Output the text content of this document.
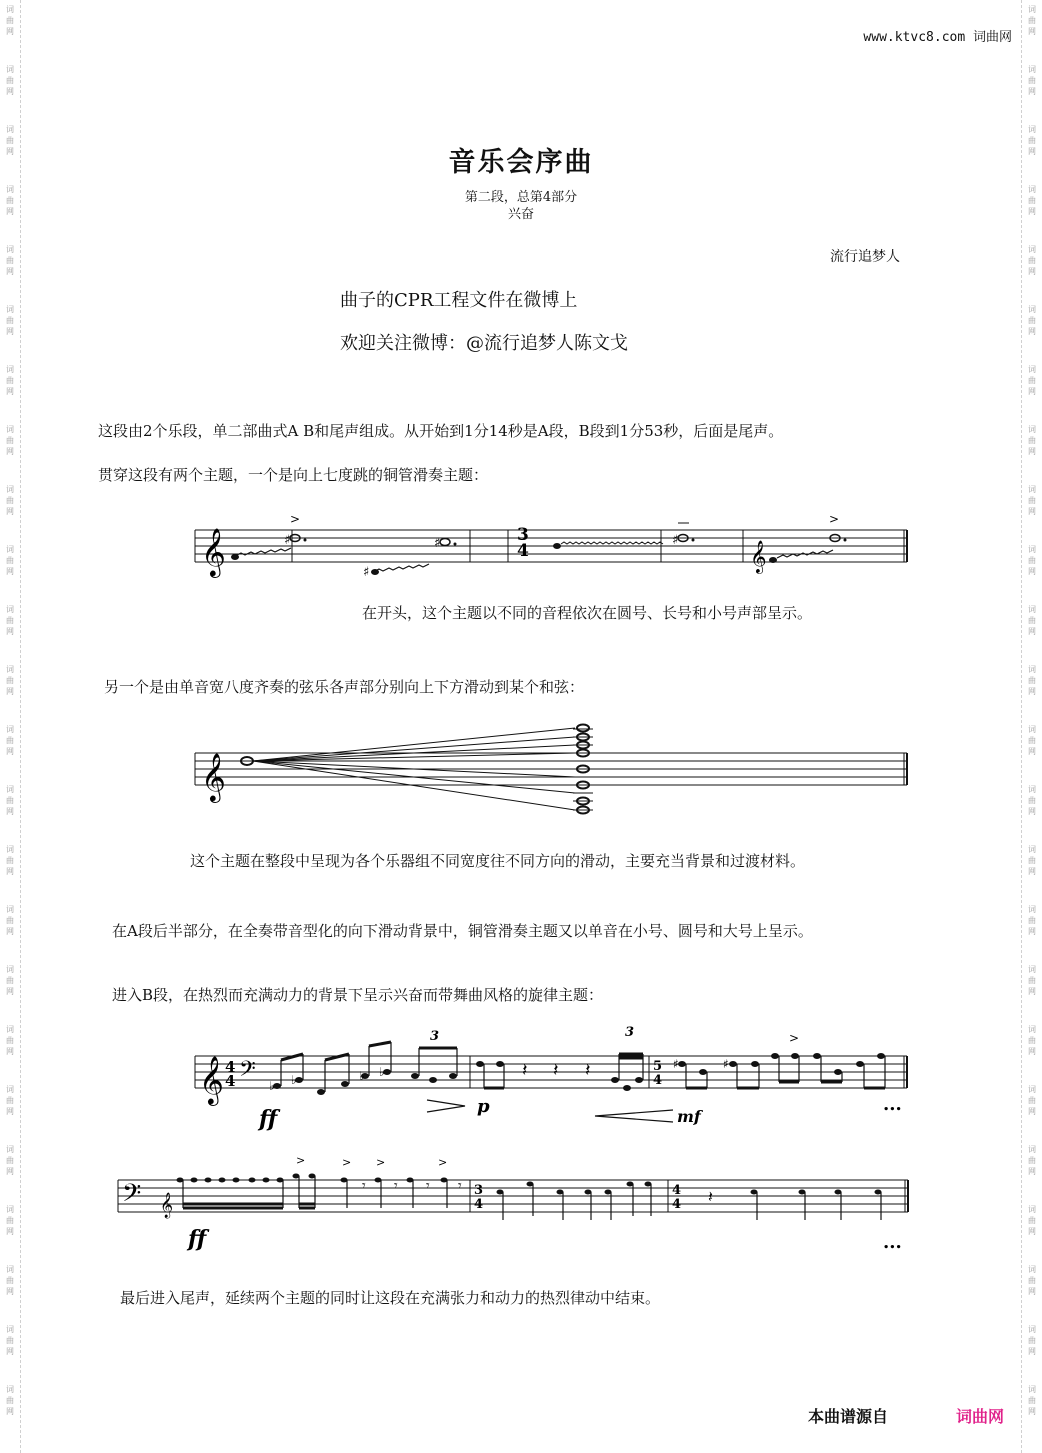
词
曲
网
词
曲
网
词
曲
网
词
曲
网
词
曲
网
词
曲
网
词
曲
网
词
曲
网
词
曲
网
词
曲
网
词
曲
网
词
曲
网
词
曲
网
词
曲
网
词
曲
网
词
曲
网
词
曲
网
词
曲
网
词
曲
网
词
曲
网
词
曲
网
词
曲
网
词
曲
网
词
曲
网
词
曲
网
词
曲
网
词
曲
网
词
曲
网
词
曲
网
词
曲
网
词
曲
网
词
曲
网
词
曲
网
词
曲
网
词
曲
网
词
曲
网
词
曲
网
词
曲
网
词
曲
网
词
曲
网
词
曲
网
词
曲
网
词
曲
网
词
曲
网
词
曲
网
词
曲
网
词
曲
网
词
曲
网
www.ktvc8.com 词曲网
音乐会序曲
第二段，总第4部分
兴奋
流行追梦人
曲子的CPR工程文件在微博上
欢迎关注微博：@流行追梦人陈文戈
这段由2个乐段，单二部曲式A B和尾声组成。从开始到1分14秒是A段，B段到1分53秒，后面是尾声。
贯穿这段有两个主题，一个是向上七度跳的铜管滑奏主题：
𝄞	♯
>
♯
♯	3
4
♯	𝄞
>
在开头，这个主题以不同的音程依次在圆号、长号和小号声部呈示。
另一个是由单音宽八度齐奏的弦乐各声部分别向上下方滑动到某个和弦：
𝄞
这个主题在整段中呈现为各个乐器组不同宽度往不同方向的滑动，主要充当背景和过渡材料。
在A段后半部分，在全奏带音型化的向下滑动背景中，铜管滑奏主题又以单音在小号、圆号和大号上呈示。
进入B段，在热烈而充满动力的背景下呈示兴奋而带舞曲风格的旋律主题：
𝄞 4
4 𝄢 ♭ ♭	♭ ♭
3	3
𝄽 𝄽 𝄽	5
4
♯	♯
>
ff	p	mf
...
𝄢 𝄞
>	> >	>
𝄾 𝄾 𝄾 𝄾 3
4
4
4 𝄽
ff	...
最后进入尾声，延续两个主题的同时让这段在充满张力和动力的热烈律动中结束。
本曲谱源自	词曲网
